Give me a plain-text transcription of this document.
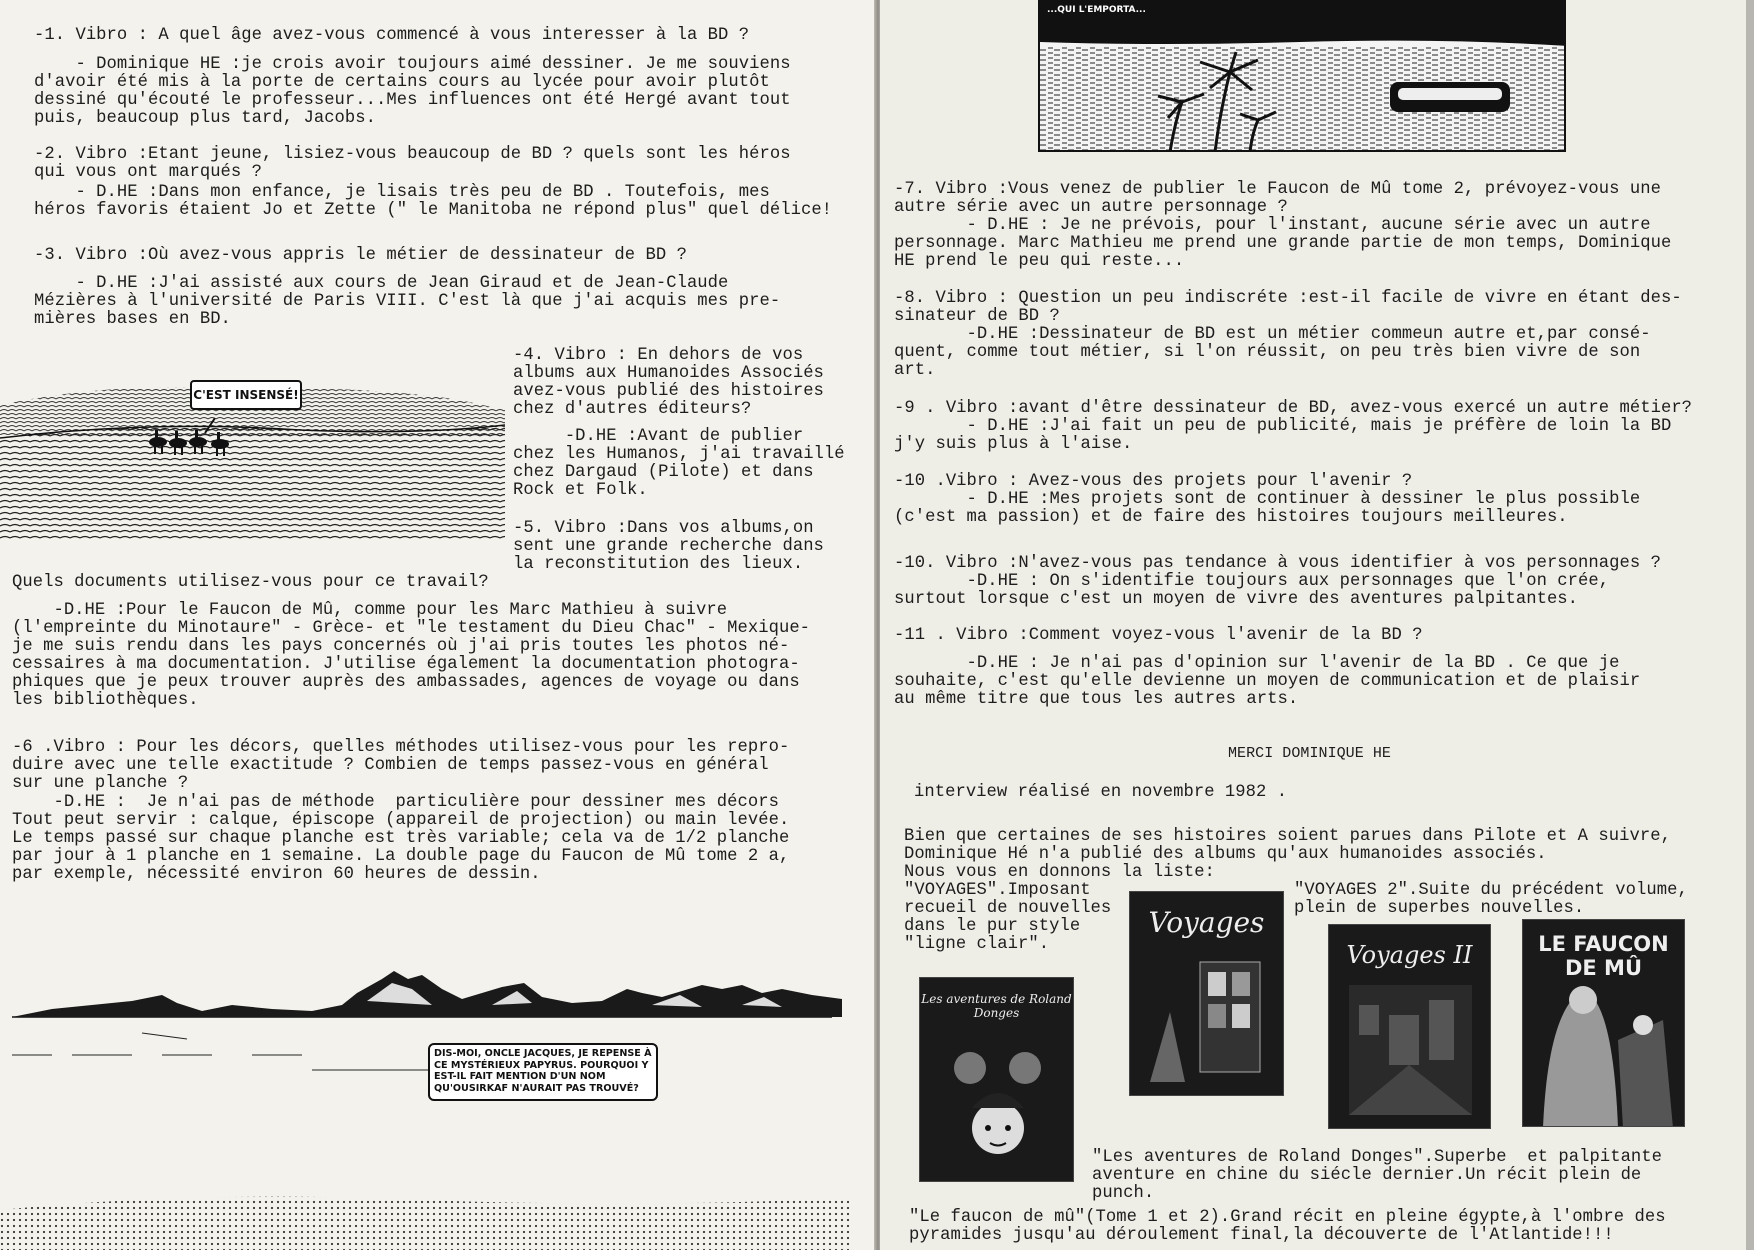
-1. Vibro : A quel âge avez-vous commencé à vous interesser à la BD ?
- Dominique HE :je crois avoir toujours aimé dessiner. Je me souviens
d'avoir été mis à la porte de certains cours au lycée pour avoir plutôt
dessiné qu'écouté le professeur...Mes influences ont été Hergé avant tout
puis, beaucoup plus tard, Jacobs.
-2. Vibro :Etant jeune, lisiez-vous beaucoup de BD ? quels sont les héros
qui vous ont marqués ?
- D.HE :Dans mon enfance, je lisais très peu de BD . Toutefois, mes
héros favoris étaient Jo et Zette (" le Manitoba ne répond plus" quel délice!
-3. Vibro :Où avez-vous appris le métier de dessinateur de BD ?
- D.HE :J'ai assisté aux cours de Jean Giraud et de Jean-Claude
Mézières à l'université de Paris VIII. C'est là que j'ai acquis mes pre-
mières bases en BD.
C'EST INSENSÉ!
-4. Vibro : En dehors de vos
albums aux Humanoides Associés
avez-vous publié des histoires
chez d'autres éditeurs?
-D.HE :Avant de publier
chez les Humanos, j'ai travaillé
chez Dargaud (Pilote) et dans
Rock et Folk.
-5. Vibro :Dans vos albums,on
sent une grande recherche dans
la reconstitution des lieux.
Quels documents utilisez-vous pour ce travail?
-D.HE :Pour le Faucon de Mû, comme pour les Marc Mathieu à suivre
(l'empreinte du Minotaure" - Grèce- et "le testament du Dieu Chac" - Mexique-
je me suis rendu dans les pays concernés où j'ai pris toutes les photos né-
cessaires à ma documentation. J'utilise également la documentation photogra-
phiques que je peux trouver auprès des ambassades, agences de voyage ou dans
les bibliothèques.
-6 .Vibro : Pour les décors, quelles méthodes utilisez-vous pour les repro-
duire avec une telle exactitude ? Combien de temps passez-vous en général
sur une planche ?
-D.HE :  Je n'ai pas de méthode  particulière pour dessiner mes décors
Tout peut servir : calque, épiscope (appareil de projection) ou main levée.
Le temps passé sur chaque planche est très variable; cela va de 1/2 planche
par jour à 1 planche en 1 semaine. La double page du Faucon de Mû tome 2 a,
par exemple, nécessité environ 60 heures de dessin.
DIS-MOI, ONCLE JACQUES, JE REPENSE À CE MYSTÉRIEUX PAPYRUS. POURQUOI Y EST-IL FAIT MENTION D'UN NOM QU'OUSIRKAF N'AURAIT PAS TROUVÉ?
...QUI L'EMPORTA...
-7. Vibro :Vous venez de publier le Faucon de Mû tome 2, prévoyez-vous une
autre série avec un autre personnage ?
- D.HE : Je ne prévois, pour l'instant, aucune série avec un autre
personnage. Marc Mathieu me prend une grande partie de mon temps, Dominique
HE prend le peu qui reste...
-8. Vibro : Question un peu indiscréte :est-il facile de vivre en étant des-
sinateur de BD ?
-D.HE :Dessinateur de BD est un métier commeun autre et,par consé-
quent, comme tout métier, si l'on réussit, on peu très bien vivre de son
art.
-9 . Vibro :avant d'être dessinateur de BD, avez-vous exercé un autre métier?
- D.HE :J'ai fait un peu de publicité, mais je préfère de loin la BD
j'y suis plus à l'aise.
-10 .Vibro : Avez-vous des projets pour l'avenir ?
- D.HE :Mes projets sont de continuer à dessiner le plus possible
(c'est ma passion) et de faire des histoires toujours meilleures.
-10. Vibro :N'avez-vous pas tendance à vous identifier à vos personnages ?
-D.HE : On s'identifie toujours aux personnages que l'on crée,
surtout lorsque c'est un moyen de vivre des aventures palpitantes.
-11 . Vibro :Comment voyez-vous l'avenir de la BD ?
-D.HE : Je n'ai pas d'opinion sur l'avenir de la BD . Ce que je
souhaite, c'est qu'elle devienne un moyen de communication et de plaisir
au même titre que tous les autres arts.
MERCI DOMINIQUE HE
interview réalisé en novembre 1982 .
Bien que certaines de ses histoires soient parues dans Pilote et A suivre,
Dominique Hé n'a publié des albums qu'aux humanoides associés.
Nous vous en donnons la liste:
"VOYAGES".Imposant
recueil de nouvelles
dans le pur style
"ligne clair".
"VOYAGES 2".Suite du précédent volume,
plein de superbes nouvelles.
Les aventures de Roland Donges
Voyages
Voyages II	LE FAUCON DE MÛ
"Les aventures de Roland Donges".Superbe  et palpitante
aventure en chine du siécle dernier.Un récit plein de
punch.
"Le faucon de mû"(Tome 1 et 2).Grand récit en pleine égypte,à l'ombre des
pyramides jusqu'au déroulement final,la découverte de l'Atlantide!!!
